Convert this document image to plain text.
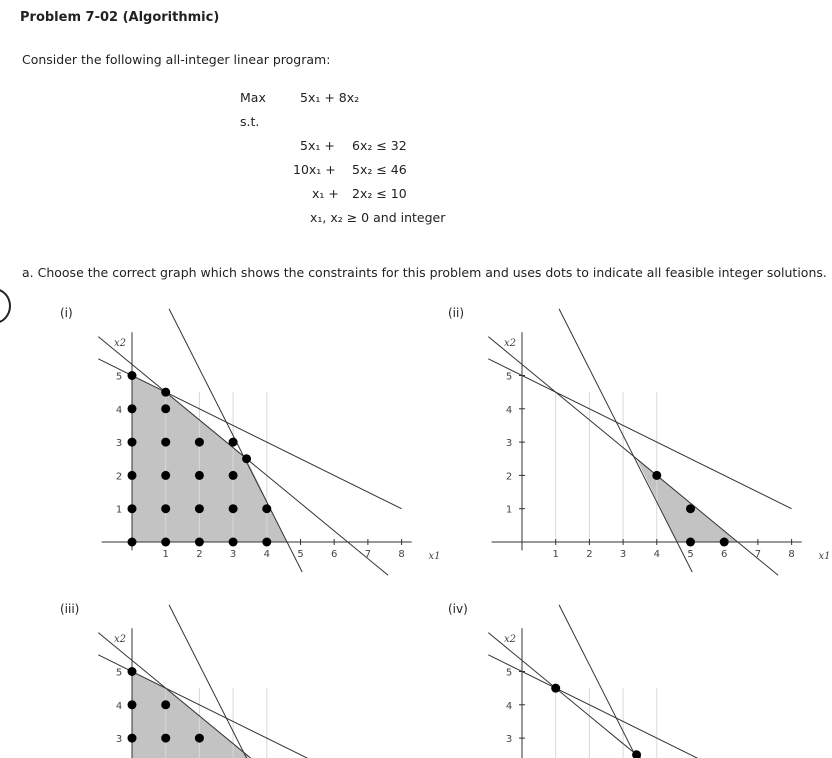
Problem 7-02 (Algorithmic)
Consider the following all-integer linear program:
Max	5x₁ + 8x₂
s.t.
5x₁ + 6x₂ ≤ 32
10x₁ + 5x₂ ≤ 46
x₁ + 2x₂ ≤ 10
x₁, x₂ ≥ 0 and integer
a. Choose the correct graph which shows the constraints for this problem and uses dots to indicate all feasible integer solutions.
(i)	(ii)
(iii)	(iv)
1	2	3	4	5	6	7	8
1
2
3
4
5
x1
x2
1	2	3	4	5	6	7	8
1
2
3
4
5
x1
x2
3
4
5
x2
3
4
5
x2
